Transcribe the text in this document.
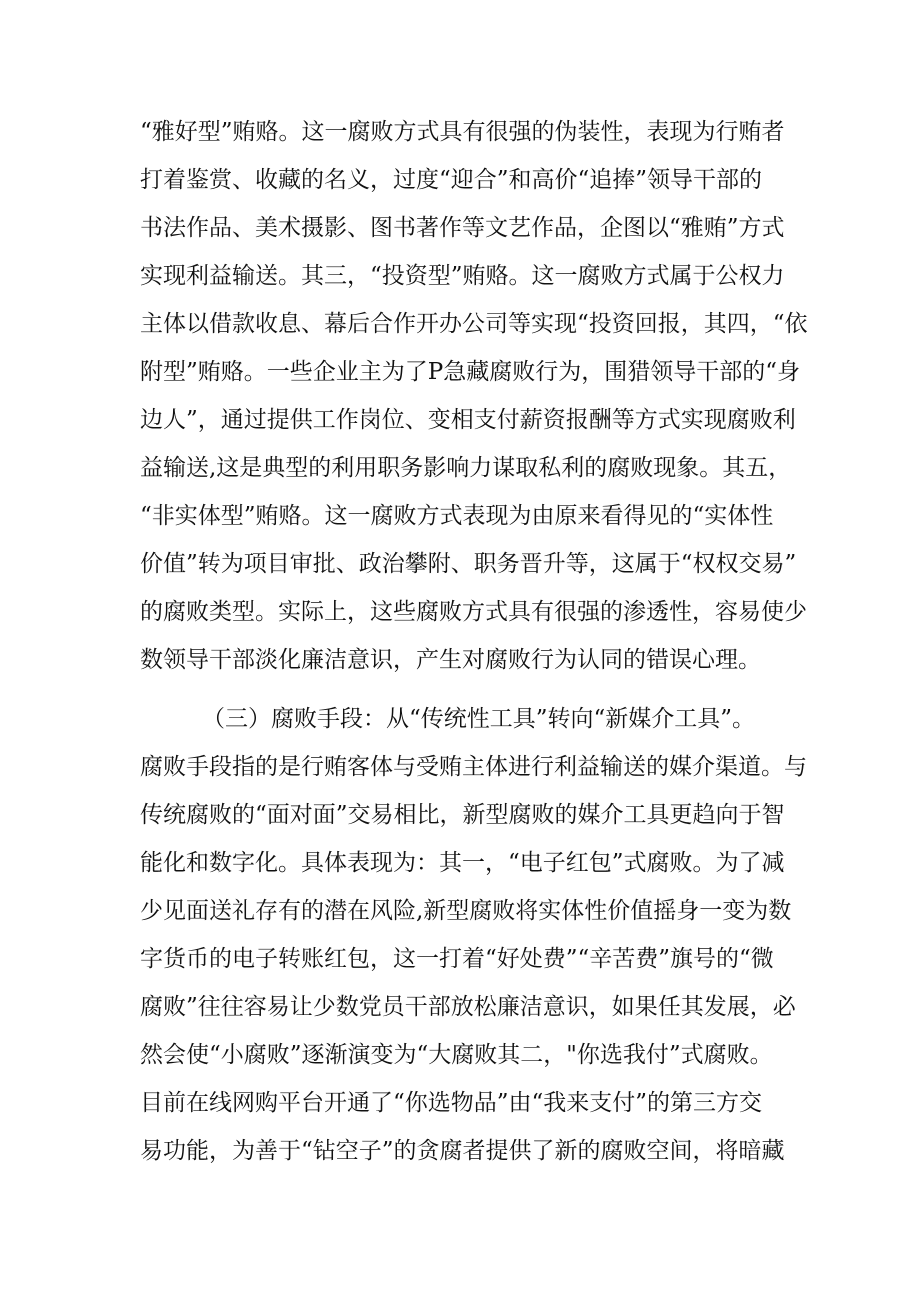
“雅好型”贿赂。这一腐败方式具有很强的伪装性，表现为行贿者
打着鉴赏、收藏的名义，过度“迎合”和高价“追捧”领导干部的
书法作品、美术摄影、图书著作等文艺作品，企图以“雅贿”方式
实现利益输送。其三，“投资型”贿赂。这一腐败方式属于公权力
主体以借款收息、幕后合作开办公司等实现“投资回报，其四，“依
附型”贿赂。一些企业主为了P急藏腐败行为，围猎领导干部的“身
边人”，通过提供工作岗位、变相支付薪资报酬等方式实现腐败利
益输送,这是典型的利用职务影响力谋取私利的腐败现象。其五，
“非实体型”贿赂。这一腐败方式表现为由原来看得见的“实体性
价值”转为项目审批、政治攀附、职务晋升等，这属于“权权交易”
的腐败类型。实际上，这些腐败方式具有很强的渗透性，容易使少
数领导干部淡化廉洁意识，产生对腐败行为认同的错误心理。
（三）腐败手段：从“传统性工具”转向“新媒介工具”。
腐败手段指的是行贿客体与受贿主体进行利益输送的媒介渠道。与
传统腐败的“面对面”交易相比，新型腐败的媒介工具更趋向于智
能化和数字化。具体表现为：其一，“电子红包”式腐败。为了减
少见面送礼存有的潜在风险,新型腐败将实体性价值摇身一变为数
字货币的电子转账红包，这一打着“好处费”“辛苦费”旗号的“微
腐败”往往容易让少数党员干部放松廉洁意识，如果任其发展，必
然会使“小腐败”逐渐演变为“大腐败其二，"你选我付”式腐败。
目前在线网购平台开通了“你选物品”由“我来支付”的第三方交
易功能，为善于“钻空子”的贪腐者提供了新的腐败空间，将暗藏
